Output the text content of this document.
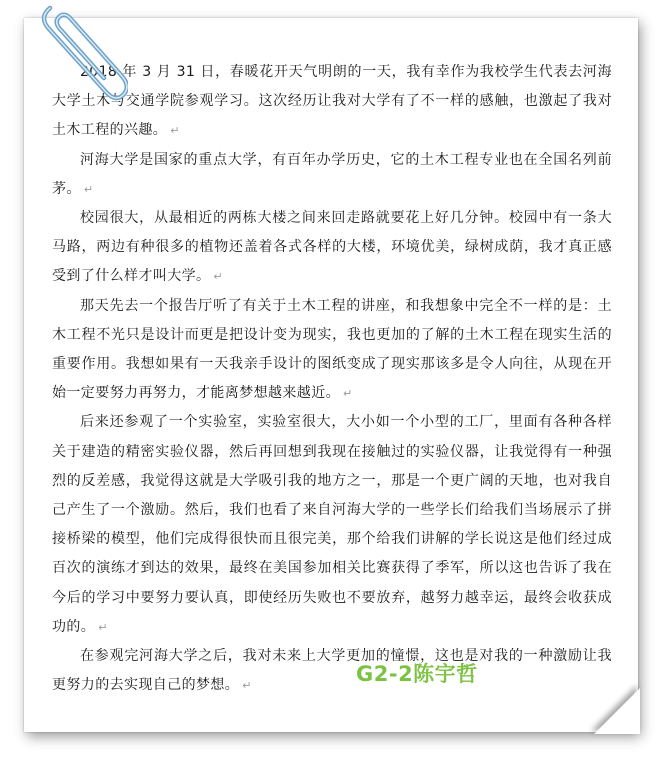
2018 年 3 月 31 日，春暖花开天气明朗的一天，我有幸作为我校学生代表去河海大学土木与交通学院参观学习。这次经历让我对大学有了不一样的感触，也激起了我对土木工程的兴趣。 ↵

河海大学是国家的重点大学，有百年办学历史，它的土木工程专业也在全国名列前茅。 ↵

校园很大，从最相近的两栋大楼之间来回走路就要花上好几分钟。校园中有一条大马路，两边有种很多的植物还盖着各式各样的大楼，环境优美，绿树成荫，我才真正感受到了什么样才叫大学。 ↵

那天先去一个报告厅听了有关于土木工程的讲座，和我想象中完全不一样的是：土木工程不光只是设计而更是把设计变为现实，我也更加的了解的土木工程在现实生活的重要作用。我想如果有一天我亲手设计的图纸变成了现实那该多是令人向往，从现在开始一定要努力再努力，才能离梦想越来越近。 ↵

后来还参观了一个实验室，实验室很大，大小如一个小型的工厂，里面有各种各样关于建造的精密实验仪器，然后再回想到我现在接触过的实验仪器，让我觉得有一种强烈的反差感，我觉得这就是大学吸引我的地方之一，那是一个更广阔的天地，也对我自己产生了一个激励。然后，我们也看了来自河海大学的一些学长们给我们当场展示了拼接桥梁的模型，他们完成得很快而且很完美，那个给我们讲解的学长说这是他们经过成百次的演练才到达的效果，最终在美国参加相关比赛获得了季军，所以这也告诉了我在今后的学习中要努力要认真，即使经历失败也不要放弃，越努力越幸运，最终会收获成功的。 ↵

在参观完河海大学之后，我对未来上大学更加的憧憬，这也是对我的一种激励让我更努力的去实现自己的梦想。 ↵	G2-2陈宇哲
